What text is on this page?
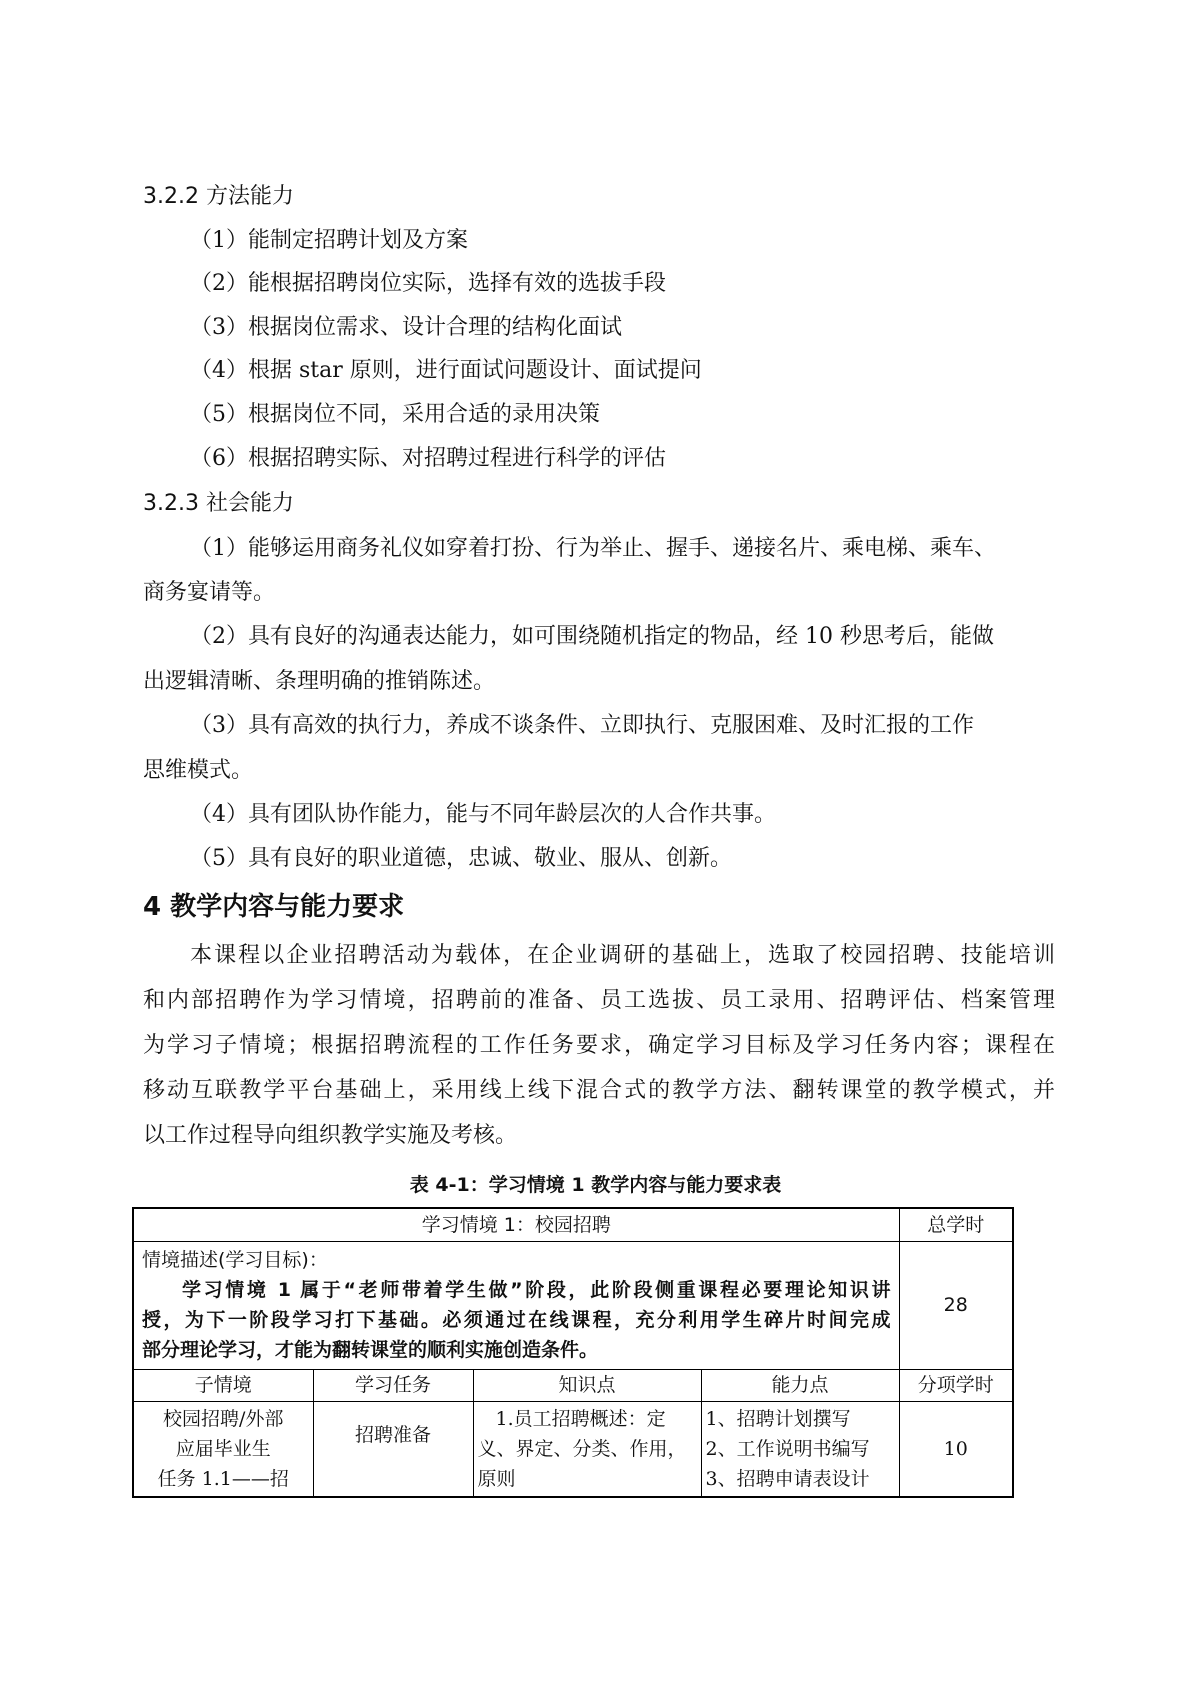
3.2.2 方法能力
（1）能制定招聘计划及方案
（2）能根据招聘岗位实际，选择有效的选拔手段
（3）根据岗位需求、设计合理的结构化面试
（4）根据 star 原则，进行面试问题设计、面试提问
（5）根据岗位不同，采用合适的录用决策
（6）根据招聘实际、对招聘过程进行科学的评估
3.2.3 社会能力
（1）能够运用商务礼仪如穿着打扮、行为举止、握手、递接名片、乘电梯、乘车、
商务宴请等。
（2）具有良好的沟通表达能力，如可围绕随机指定的物品，经 10 秒思考后，能做
出逻辑清晰、条理明确的推销陈述。
（3）具有高效的执行力，养成不谈条件、立即执行、克服困难、及时汇报的工作
思维模式。
（4）具有团队协作能力，能与不同年龄层次的人合作共事。
（5）具有良好的职业道德，忠诚、敬业、服从、创新。
4 教学内容与能力要求
本课程以企业招聘活动为载体，在企业调研的基础上，选取了校园招聘、技能培训
和内部招聘作为学习情境，招聘前的准备、员工选拔、员工录用、招聘评估、档案管理
为学习子情境；根据招聘流程的工作任务要求，确定学习目标及学习任务内容；课程在
移动互联教学平台基础上，采用线上线下混合式的教学方法、翻转课堂的教学模式，并
以工作过程导向组织教学实施及考核。
表 4-1：学习情境 1 教学内容与能力要求表
学习情境 1：校园招聘				总学时

情境描述(学习目标)：
学习情境 1 属于“老师带着学生做”阶段，此阶段侧重课程必要理论知识讲
授，为下一阶段学习打下基础。必须通过在线课程，充分利用学生碎片时间完成
部分理论学习，才能为翻转课堂的顺利实施创造条件。				28
子情境	学习任务	知识点	能力点	分项学时

校园招聘/外部
应届毕业生
任务 1.1——招	招聘准备	1.员工招聘概述：定
义、界定、分类、作用，
原则	1、招聘计划撰写
2、工作说明书编写
3、招聘申请表设计	10
